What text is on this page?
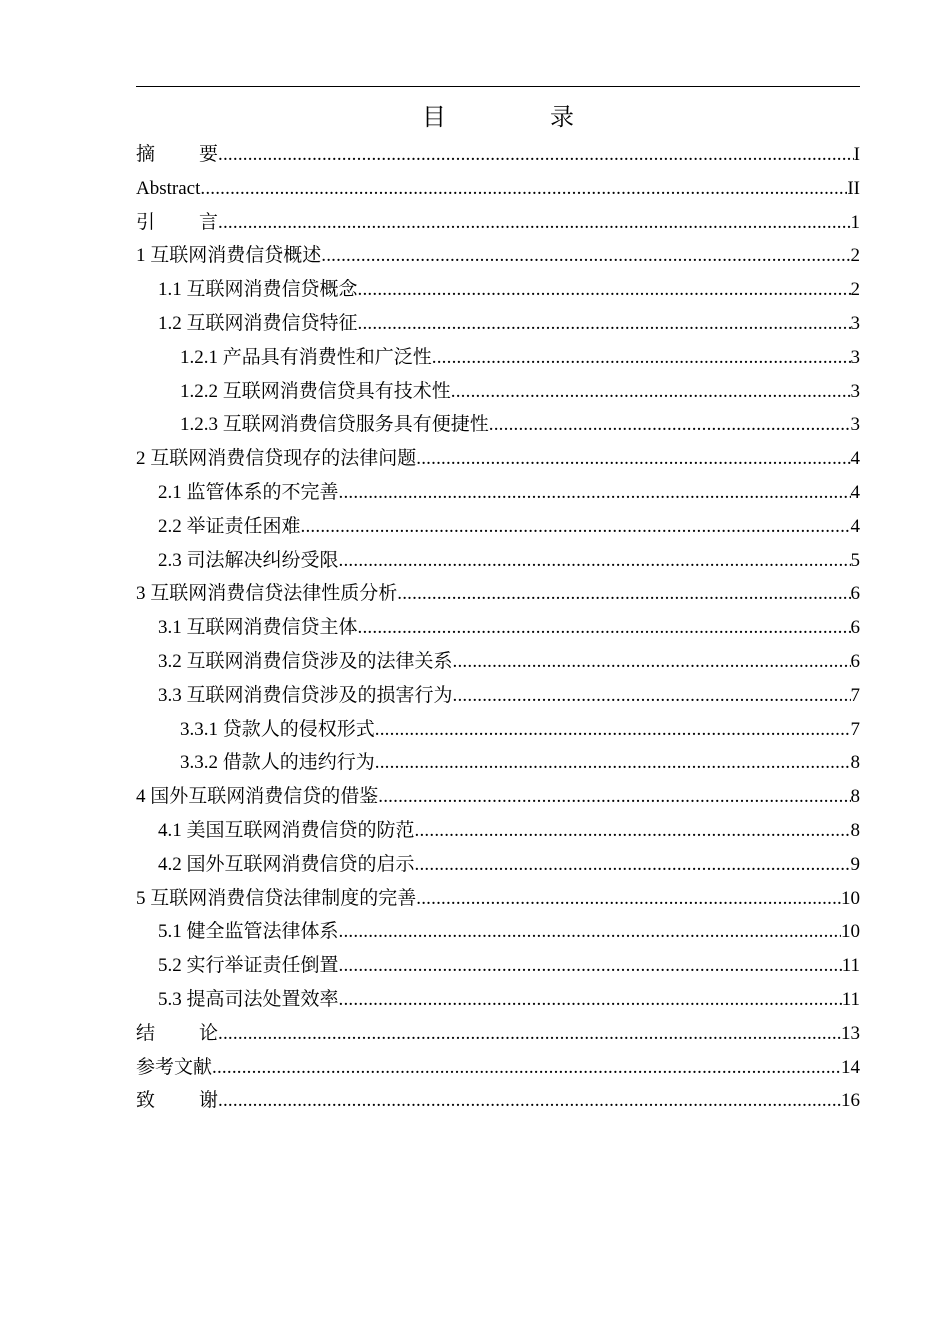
目　录
摘要 .....	I
Abstract .....	II
引言 .....	1
1 互联网消费信贷概述 .....	2
1.1 互联网消费信贷概念 .....	2
1.2 互联网消费信贷特征 .....	3
1.2.1 产品具有消费性和广泛性 .....	3
1.2.2 互联网消费信贷具有技术性 .....	3
1.2.3 互联网消费信贷服务具有便捷性 .....	3
2 互联网消费信贷现存的法律问题 .....	4
2.1 监管体系的不完善 .....	4
2.2 举证责任困难 .....	4
2.3 司法解决纠纷受限 .....	5
3 互联网消费信贷法律性质分析 .....	6
3.1 互联网消费信贷主体 .....	6
3.2 互联网消费信贷涉及的法律关系 .....	6
3.3 互联网消费信贷涉及的损害行为 .....	7
3.3.1 贷款人的侵权形式 .....	7
3.3.2 借款人的违约行为 .....	8
4 国外互联网消费信贷的借鉴 .....	8
4.1 美国互联网消费信贷的防范 .....	8
4.2 国外互联网消费信贷的启示 .....	9
5 互联网消费信贷法律制度的完善 .....	10
5.1 健全监管法律体系 .....	10
5.2 实行举证责任倒置 .....	11
5.3 提高司法处置效率 .....	11
结论 .....	13
参考文献 .....	14
致谢 .....	16
